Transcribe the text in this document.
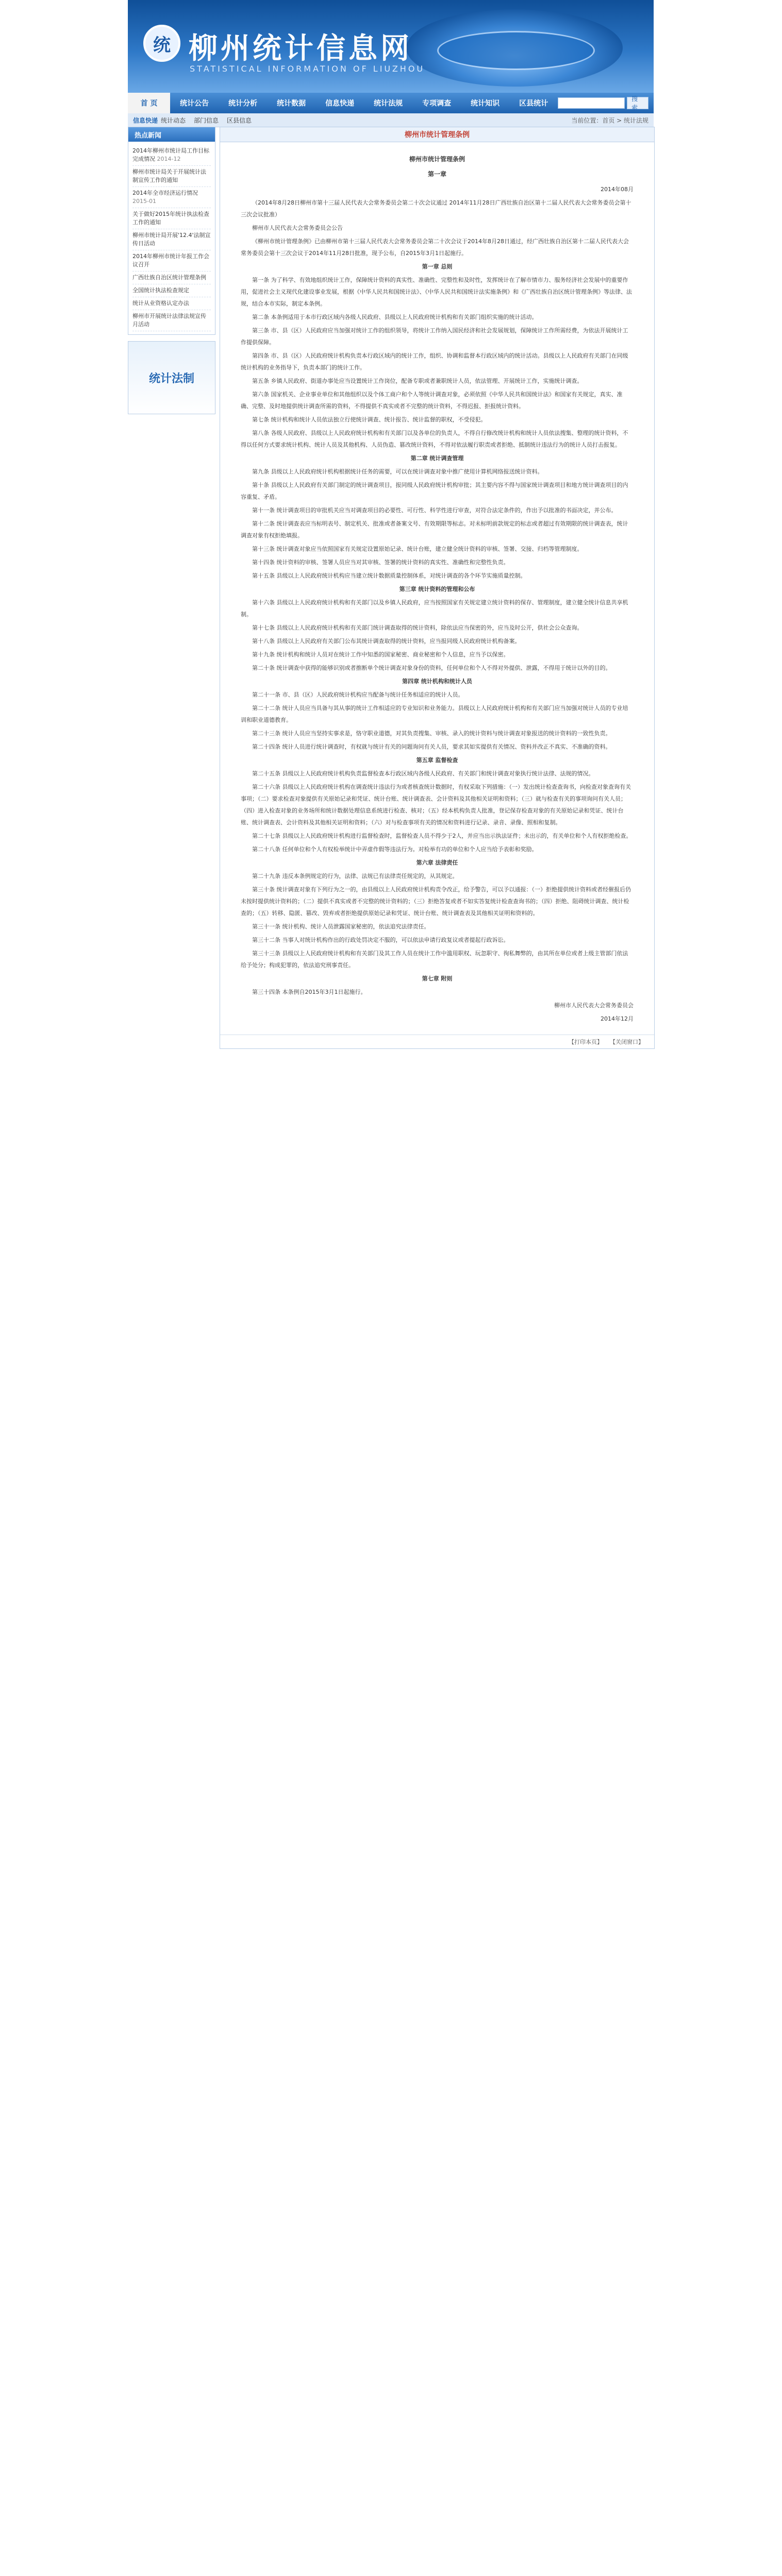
统 柳州统计信息网
STATISTICAL INFORMATION OF LIUZHOU
首 页	统计公告	统计分析	统计数据	信息快递	统计法规	专项调查	统计知识	区县统计
搜 索
信息快递 统计动态 部门信息 区县信息	当前位置：首页 > 统计法规
热点新闻
2014年柳州市统计局工作目标完成情况 2014-12
柳州市统计局关于开展统计法制宣传工作的通知
2014年全市经济运行情况 2015-01
关于做好2015年统计执法检查工作的通知
柳州市统计局开展'12.4'法制宣传日活动
2014年柳州市统计年报工作会议召开
广西壮族自治区统计管理条例
全国统计执法检查规定
统计从业资格认定办法
柳州市开展统计法律法规宣传月活动
统计法制
柳州市统计管理条例
柳州市统计管理条例
第一章

2014年08月

（2014年8月28日柳州市第十三届人民代表大会常务委员会第二十次会议通过 2014年11月28日广西壮族自治区第十二届人民代表大会常务委员会第十三次会议批准）

柳州市人民代表大会常务委员会公告

《柳州市统计管理条例》已由柳州市第十三届人民代表大会常务委员会第二十次会议于2014年8月28日通过，经广西壮族自治区第十二届人民代表大会常务委员会第十三次会议于2014年11月28日批准，现予公布，自2015年3月1日起施行。

第一章 总则

第一条 为了科学、有效地组织统计工作，保障统计资料的真实性、准确性、完整性和及时性，发挥统计在了解市情市力、服务经济社会发展中的重要作用，促进社会主义现代化建设事业发展，根据《中华人民共和国统计法》、《中华人民共和国统计法实施条例》和《广西壮族自治区统计管理条例》等法律、法规，结合本市实际，制定本条例。

第二条 本条例适用于本市行政区域内各级人民政府、县级以上人民政府统计机构和有关部门组织实施的统计活动。

第三条 市、县（区）人民政府应当加强对统计工作的组织领导，将统计工作纳入国民经济和社会发展规划，保障统计工作所需经费，为依法开展统计工作提供保障。

第四条 市、县（区）人民政府统计机构负责本行政区域内的统计工作，组织、协调和监督本行政区域内的统计活动。县级以上人民政府有关部门在同级统计机构的业务指导下，负责本部门的统计工作。

第五条 乡镇人民政府、街道办事处应当设置统计工作岗位，配备专职或者兼职统计人员，依法管理、开展统计工作，实施统计调查。

第六条 国家机关、企业事业单位和其他组织以及个体工商户和个人等统计调查对象，必须依照《中华人民共和国统计法》和国家有关规定，真实、准确、完整、及时地提供统计调查所需的资料，不得提供不真实或者不完整的统计资料，不得迟报、拒报统计资料。

第七条 统计机构和统计人员依法独立行使统计调查、统计报告、统计监督的职权，不受侵犯。

第八条 各级人民政府、县级以上人民政府统计机构和有关部门以及各单位的负责人，不得自行修改统计机构和统计人员依法搜集、整理的统计资料，不得以任何方式要求统计机构、统计人员及其他机构、人员伪造、篡改统计资料，不得对依法履行职责或者拒绝、抵制统计违法行为的统计人员打击报复。

第二章 统计调查管理

第九条 县级以上人民政府统计机构根据统计任务的需要，可以在统计调查对象中推广使用计算机网络报送统计资料。

第十条 县级以上人民政府有关部门制定的统计调查项目，报同级人民政府统计机构审批；其主要内容不得与国家统计调查项目和地方统计调查项目的内容重复、矛盾。

第十一条 统计调查项目的审批机关应当对调查项目的必要性、可行性、科学性进行审查，对符合法定条件的，作出予以批准的书面决定，并公布。

第十二条 统计调查表应当标明表号、制定机关、批准或者备案文号、有效期限等标志。对未标明前款规定的标志或者超过有效期限的统计调查表，统计调查对象有权拒绝填报。

第十三条 统计调查对象应当依照国家有关规定设置原始记录、统计台账，建立健全统计资料的审核、签署、交接、归档等管理制度。

第十四条 统计资料的审核、签署人员应当对其审核、签署的统计资料的真实性、准确性和完整性负责。

第十五条 县级以上人民政府统计机构应当建立统计数据质量控制体系，对统计调查的各个环节实施质量控制。

第三章 统计资料的管理和公布

第十六条 县级以上人民政府统计机构和有关部门以及乡镇人民政府，应当按照国家有关规定建立统计资料的保存、管理制度，建立健全统计信息共享机制。

第十七条 县级以上人民政府统计机构和有关部门统计调查取得的统计资料，除依法应当保密的外，应当及时公开，供社会公众查询。

第十八条 县级以上人民政府有关部门公布其统计调查取得的统计资料，应当报同级人民政府统计机构备案。

第十九条 统计机构和统计人员对在统计工作中知悉的国家秘密、商业秘密和个人信息，应当予以保密。

第二十条 统计调查中获得的能够识别或者推断单个统计调查对象身份的资料，任何单位和个人不得对外提供、泄露，不得用于统计以外的目的。

第四章 统计机构和统计人员

第二十一条 市、县（区）人民政府统计机构应当配备与统计任务相适应的统计人员。

第二十二条 统计人员应当具备与其从事的统计工作相适应的专业知识和业务能力。县级以上人民政府统计机构和有关部门应当加强对统计人员的专业培训和职业道德教育。

第二十三条 统计人员应当坚持实事求是，恪守职业道德，对其负责搜集、审核、录入的统计资料与统计调查对象报送的统计资料的一致性负责。

第二十四条 统计人员进行统计调查时，有权就与统计有关的问题询问有关人员，要求其如实提供有关情况、资料并改正不真实、不准确的资料。

第五章 监督检查

第二十五条 县级以上人民政府统计机构负责监督检查本行政区域内各级人民政府、有关部门和统计调查对象执行统计法律、法规的情况。

第二十六条 县级以上人民政府统计机构在调查统计违法行为或者核查统计数据时，有权采取下列措施：（一）发出统计检查查询书，向检查对象查询有关事项；（二）要求检查对象提供有关原始记录和凭证、统计台账、统计调查表、会计资料及其他相关证明和资料；（三）就与检查有关的事项询问有关人员；（四）进入检查对象的业务场所和统计数据处理信息系统进行检查、核对；（五）经本机构负责人批准，登记保存检查对象的有关原始记录和凭证、统计台账、统计调查表、会计资料及其他相关证明和资料；（六）对与检查事项有关的情况和资料进行记录、录音、录像、照相和复制。

第二十七条 县级以上人民政府统计机构进行监督检查时，监督检查人员不得少于2人，并应当出示执法证件；未出示的，有关单位和个人有权拒绝检查。

第二十八条 任何单位和个人有权检举统计中弄虚作假等违法行为。对检举有功的单位和个人应当给予表彰和奖励。

第六章 法律责任

第二十九条 违反本条例规定的行为，法律、法规已有法律责任规定的，从其规定。

第三十条 统计调查对象有下列行为之一的，由县级以上人民政府统计机构责令改正，给予警告，可以予以通报：（一）拒绝提供统计资料或者经催报后仍未按时提供统计资料的；（二）提供不真实或者不完整的统计资料的；（三）拒绝答复或者不如实答复统计检查查询书的；（四）拒绝、阻碍统计调查、统计检查的；（五）转移、隐匿、篡改、毁弃或者拒绝提供原始记录和凭证、统计台账、统计调查表及其他相关证明和资料的。

第三十一条 统计机构、统计人员泄露国家秘密的，依法追究法律责任。

第三十二条 当事人对统计机构作出的行政处罚决定不服的，可以依法申请行政复议或者提起行政诉讼。

第三十三条 县级以上人民政府统计机构和有关部门及其工作人员在统计工作中滥用职权、玩忽职守、徇私舞弊的，由其所在单位或者上级主管部门依法给予处分；构成犯罪的，依法追究刑事责任。

第七章 附则

第三十四条 本条例自2015年3月1日起施行。

柳州市人民代表大会常务委员会

2014年12月

【打印本页】 【关闭窗口】
